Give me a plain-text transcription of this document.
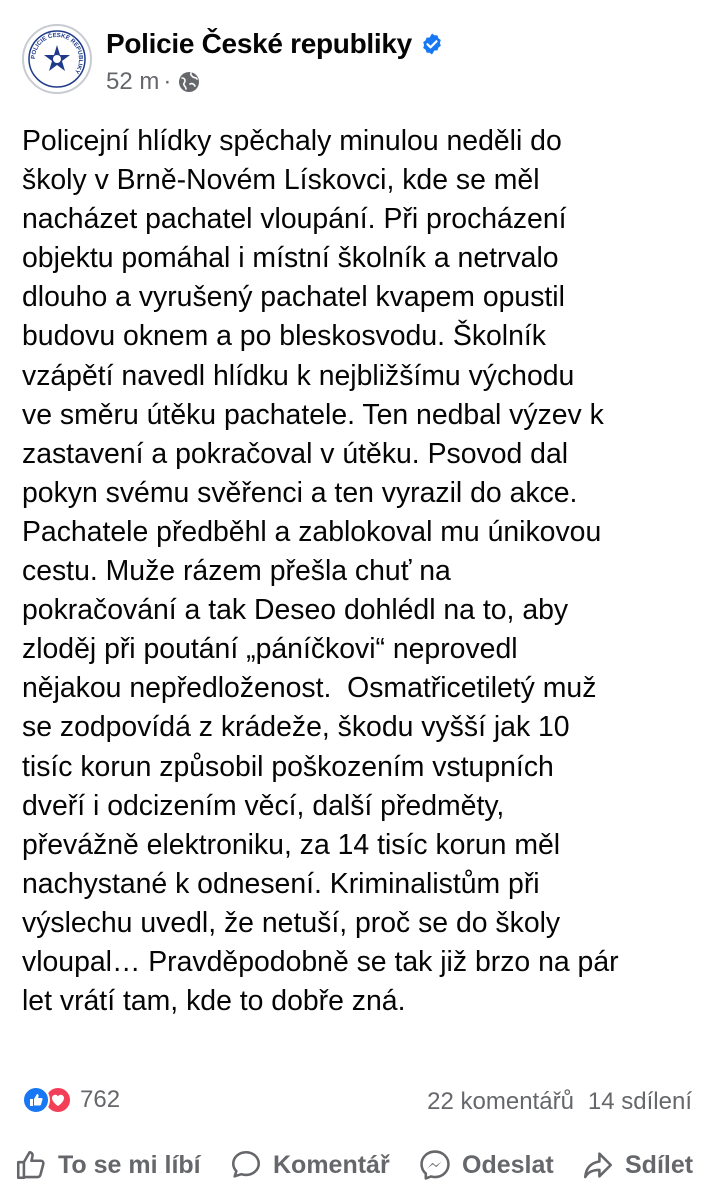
POLICIE ČESKÉ REPUBLIKY
Policie České republiky
52 m ·
Policejní hlídky spěchaly minulou neděli do
školy v Brně-Novém Lískovci, kde se měl
nacházet pachatel vloupání. Při procházení
objektu pomáhal i místní školník a netrvalo
dlouho a vyrušený pachatel kvapem opustil
budovu oknem a po bleskosvodu. Školník
vzápětí navedl hlídku k nejbližšímu východu
ve směru útěku pachatele. Ten nedbal výzev k
zastavení a pokračoval v útěku. Psovod dal
pokyn svému svěřenci a ten vyrazil do akce.
Pachatele předběhl a zablokoval mu únikovou
cestu. Muže rázem přešla chuť na
pokračování a tak Deseo dohlédl na to, aby
zloděj při poutání „páníčkovi“ neprovedl
nějakou nepředloženost.  Osmatřicetiletý muž
se zodpovídá z krádeže, škodu vyšší jak 10
tisíc korun způsobil poškozením vstupních
dveří i odcizením věcí, další předměty,
převážně elektroniku, za 14 tisíc korun měl
nachystané k odnesení. Kriminalistům při
výslechu uvedl, že netuší, proč se do školy
vloupal… Pravděpodobně se tak již brzo na pár
let vrátí tam, kde to dobře zná.
762	22 komentářů 14 sdílení
To se mi líbí	Komentář	Odeslat	Sdílet
